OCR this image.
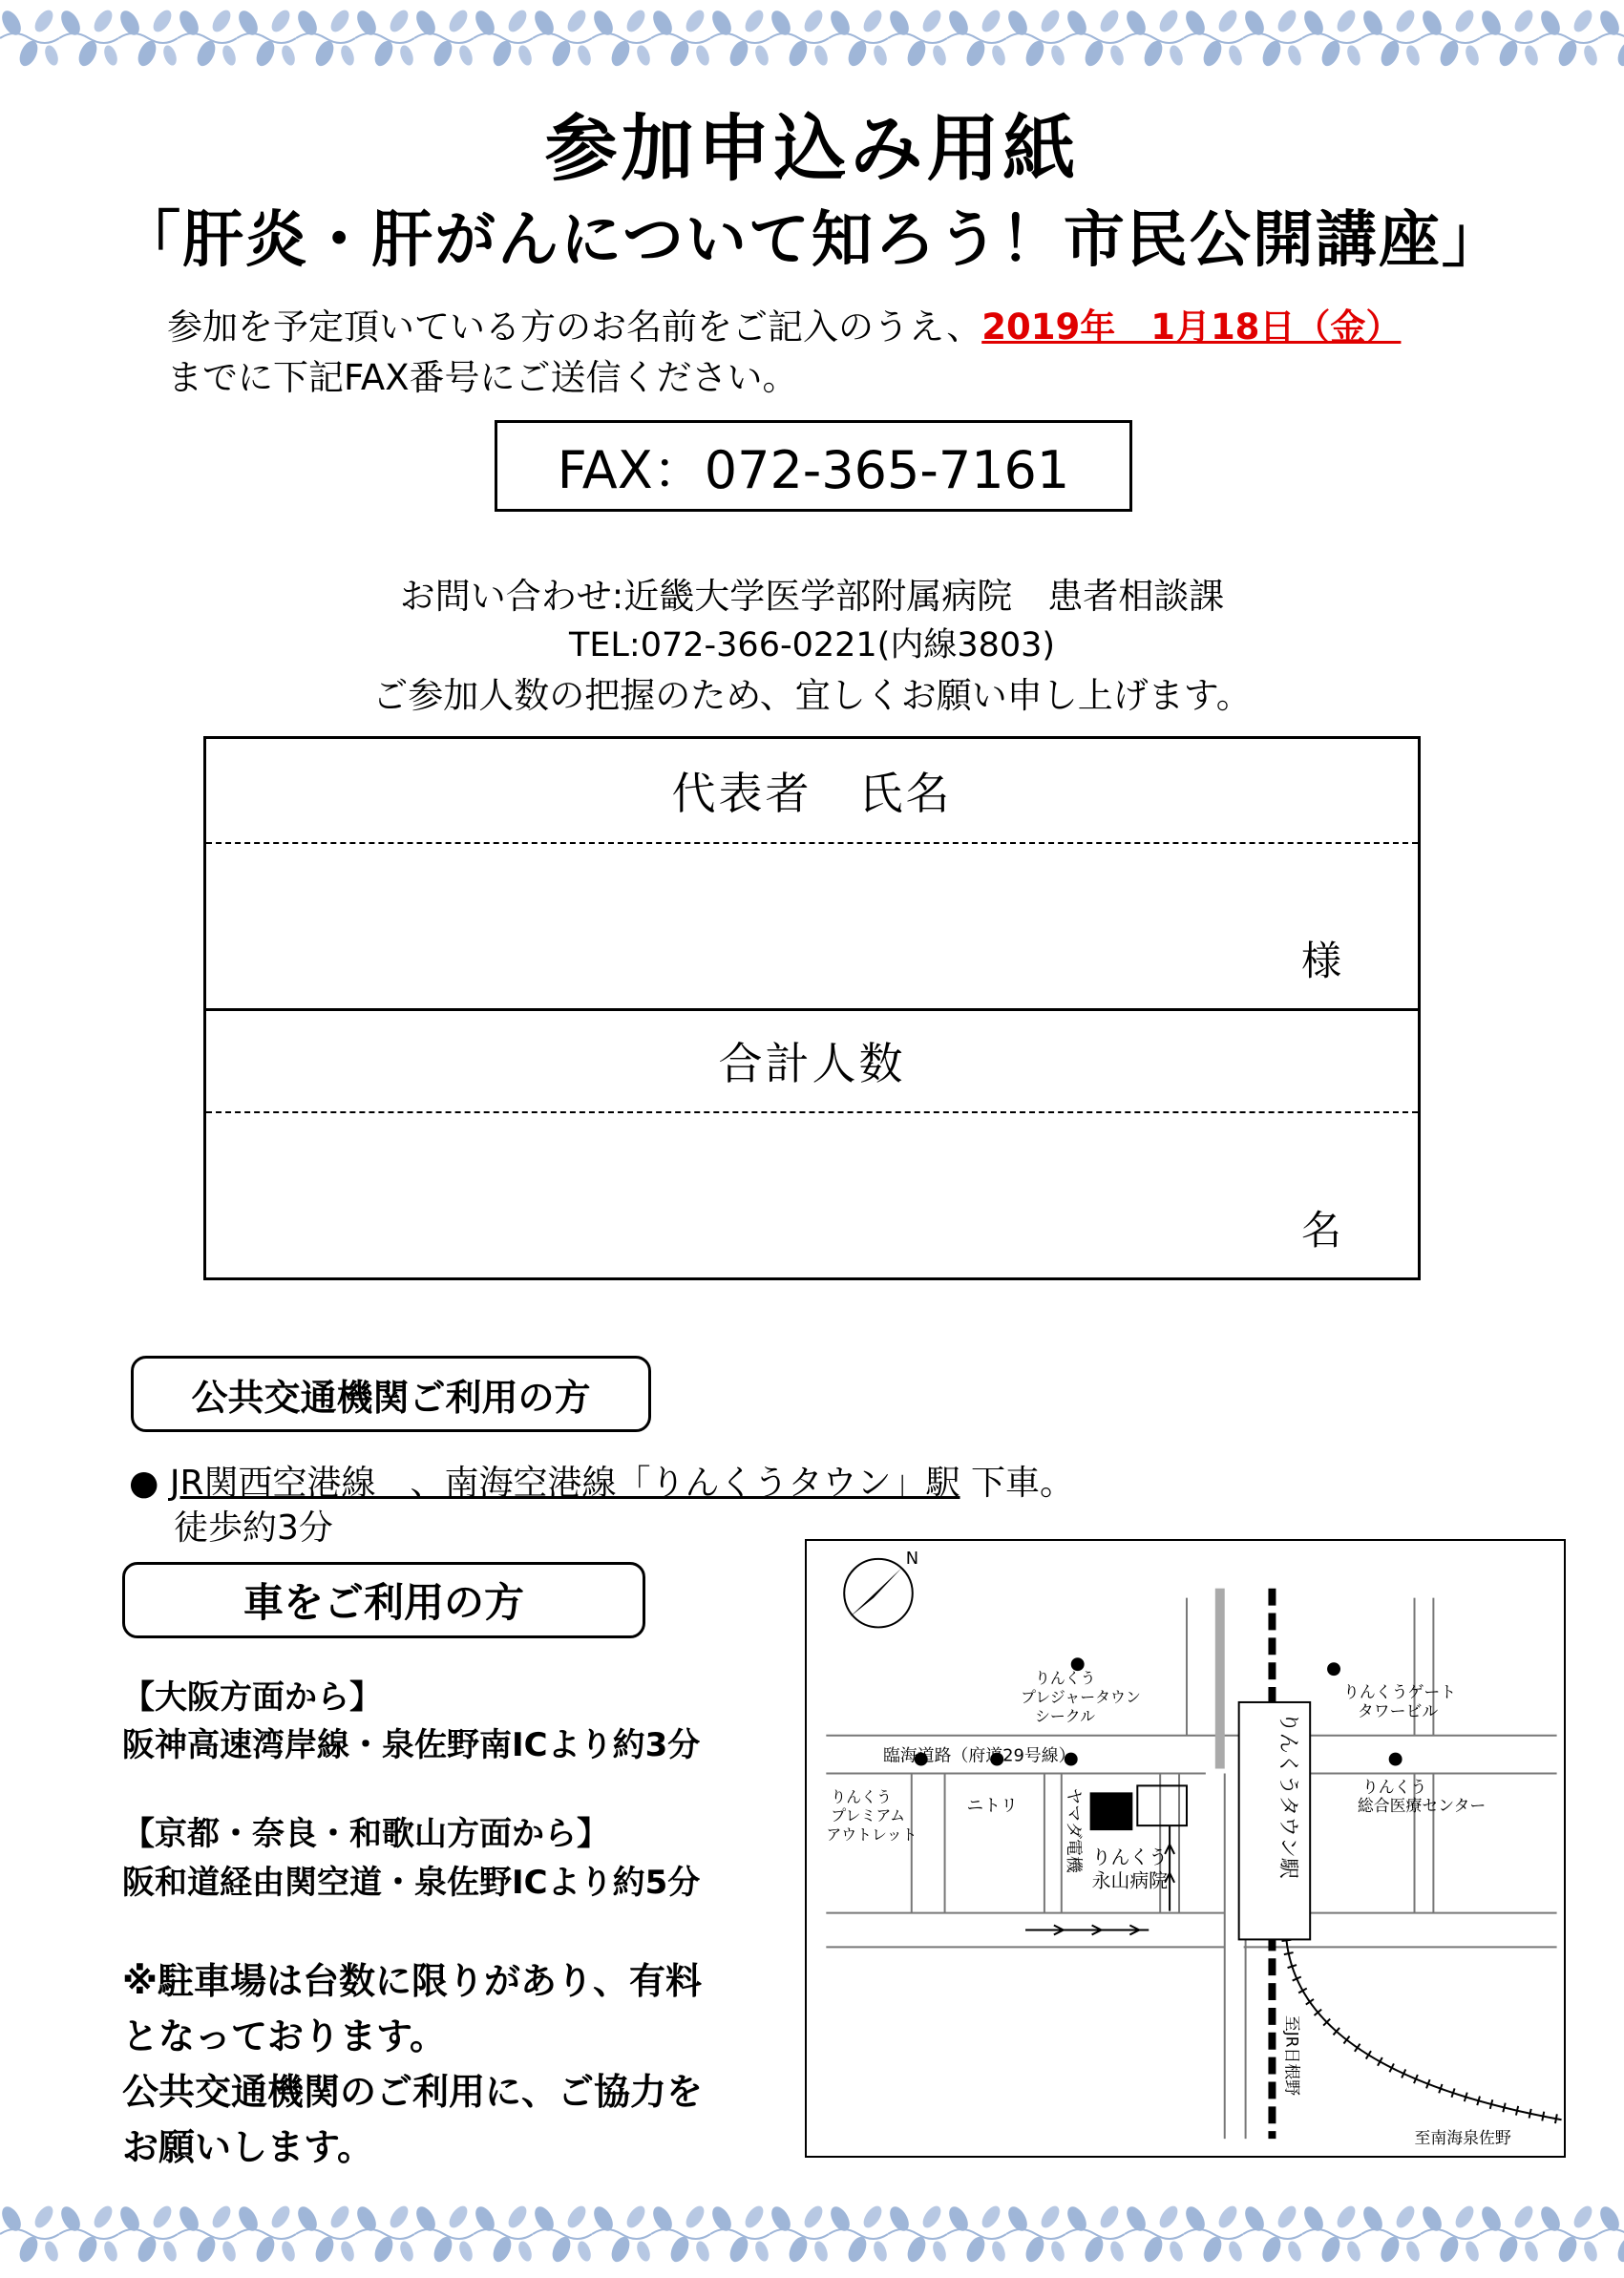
参加申込み用紙
「肝炎・肝がんについて知ろう！市民公開講座」
参加を予定頂いている方のお名前をご記入のうえ、2019年　1月18日（金）
までに下記FAX番号にご送信ください。
FAX：072-365-7161
お問い合わせ:近畿大学医学部附属病院　患者相談課
TEL:072-366-0221(内線3803)
ご参加人数の把握のため、宜しくお願い申し上げます。
代表者　氏名
様
合計人数
名
公共交通機関ご利用の方
● JR関西空港線　、南海空港線「りんくうタウン」駅 下車。
徒歩約3分
車をご利用の方
【大阪方面から】
阪神高速湾岸線・泉佐野南ICより約3分
【京都・奈良・和歌山方面から】
阪和道経由関空道・泉佐野ICより約5分
※駐車場は台数に限りがあり、有料
となっております。
公共交通機関のご利用に、ご協力を
お願いします。
N
りんくうタウン駅
りんくう
永山病院
りんくう
プレジャータウン
シークル
りんくうゲート
タワービル
臨海道路（府道29号線）
りんくう
プレミアム
アウトレット
ニトリ	ヤマダ電機
りんくう
総合医療センター
至JR日根野
至南海泉佐野
